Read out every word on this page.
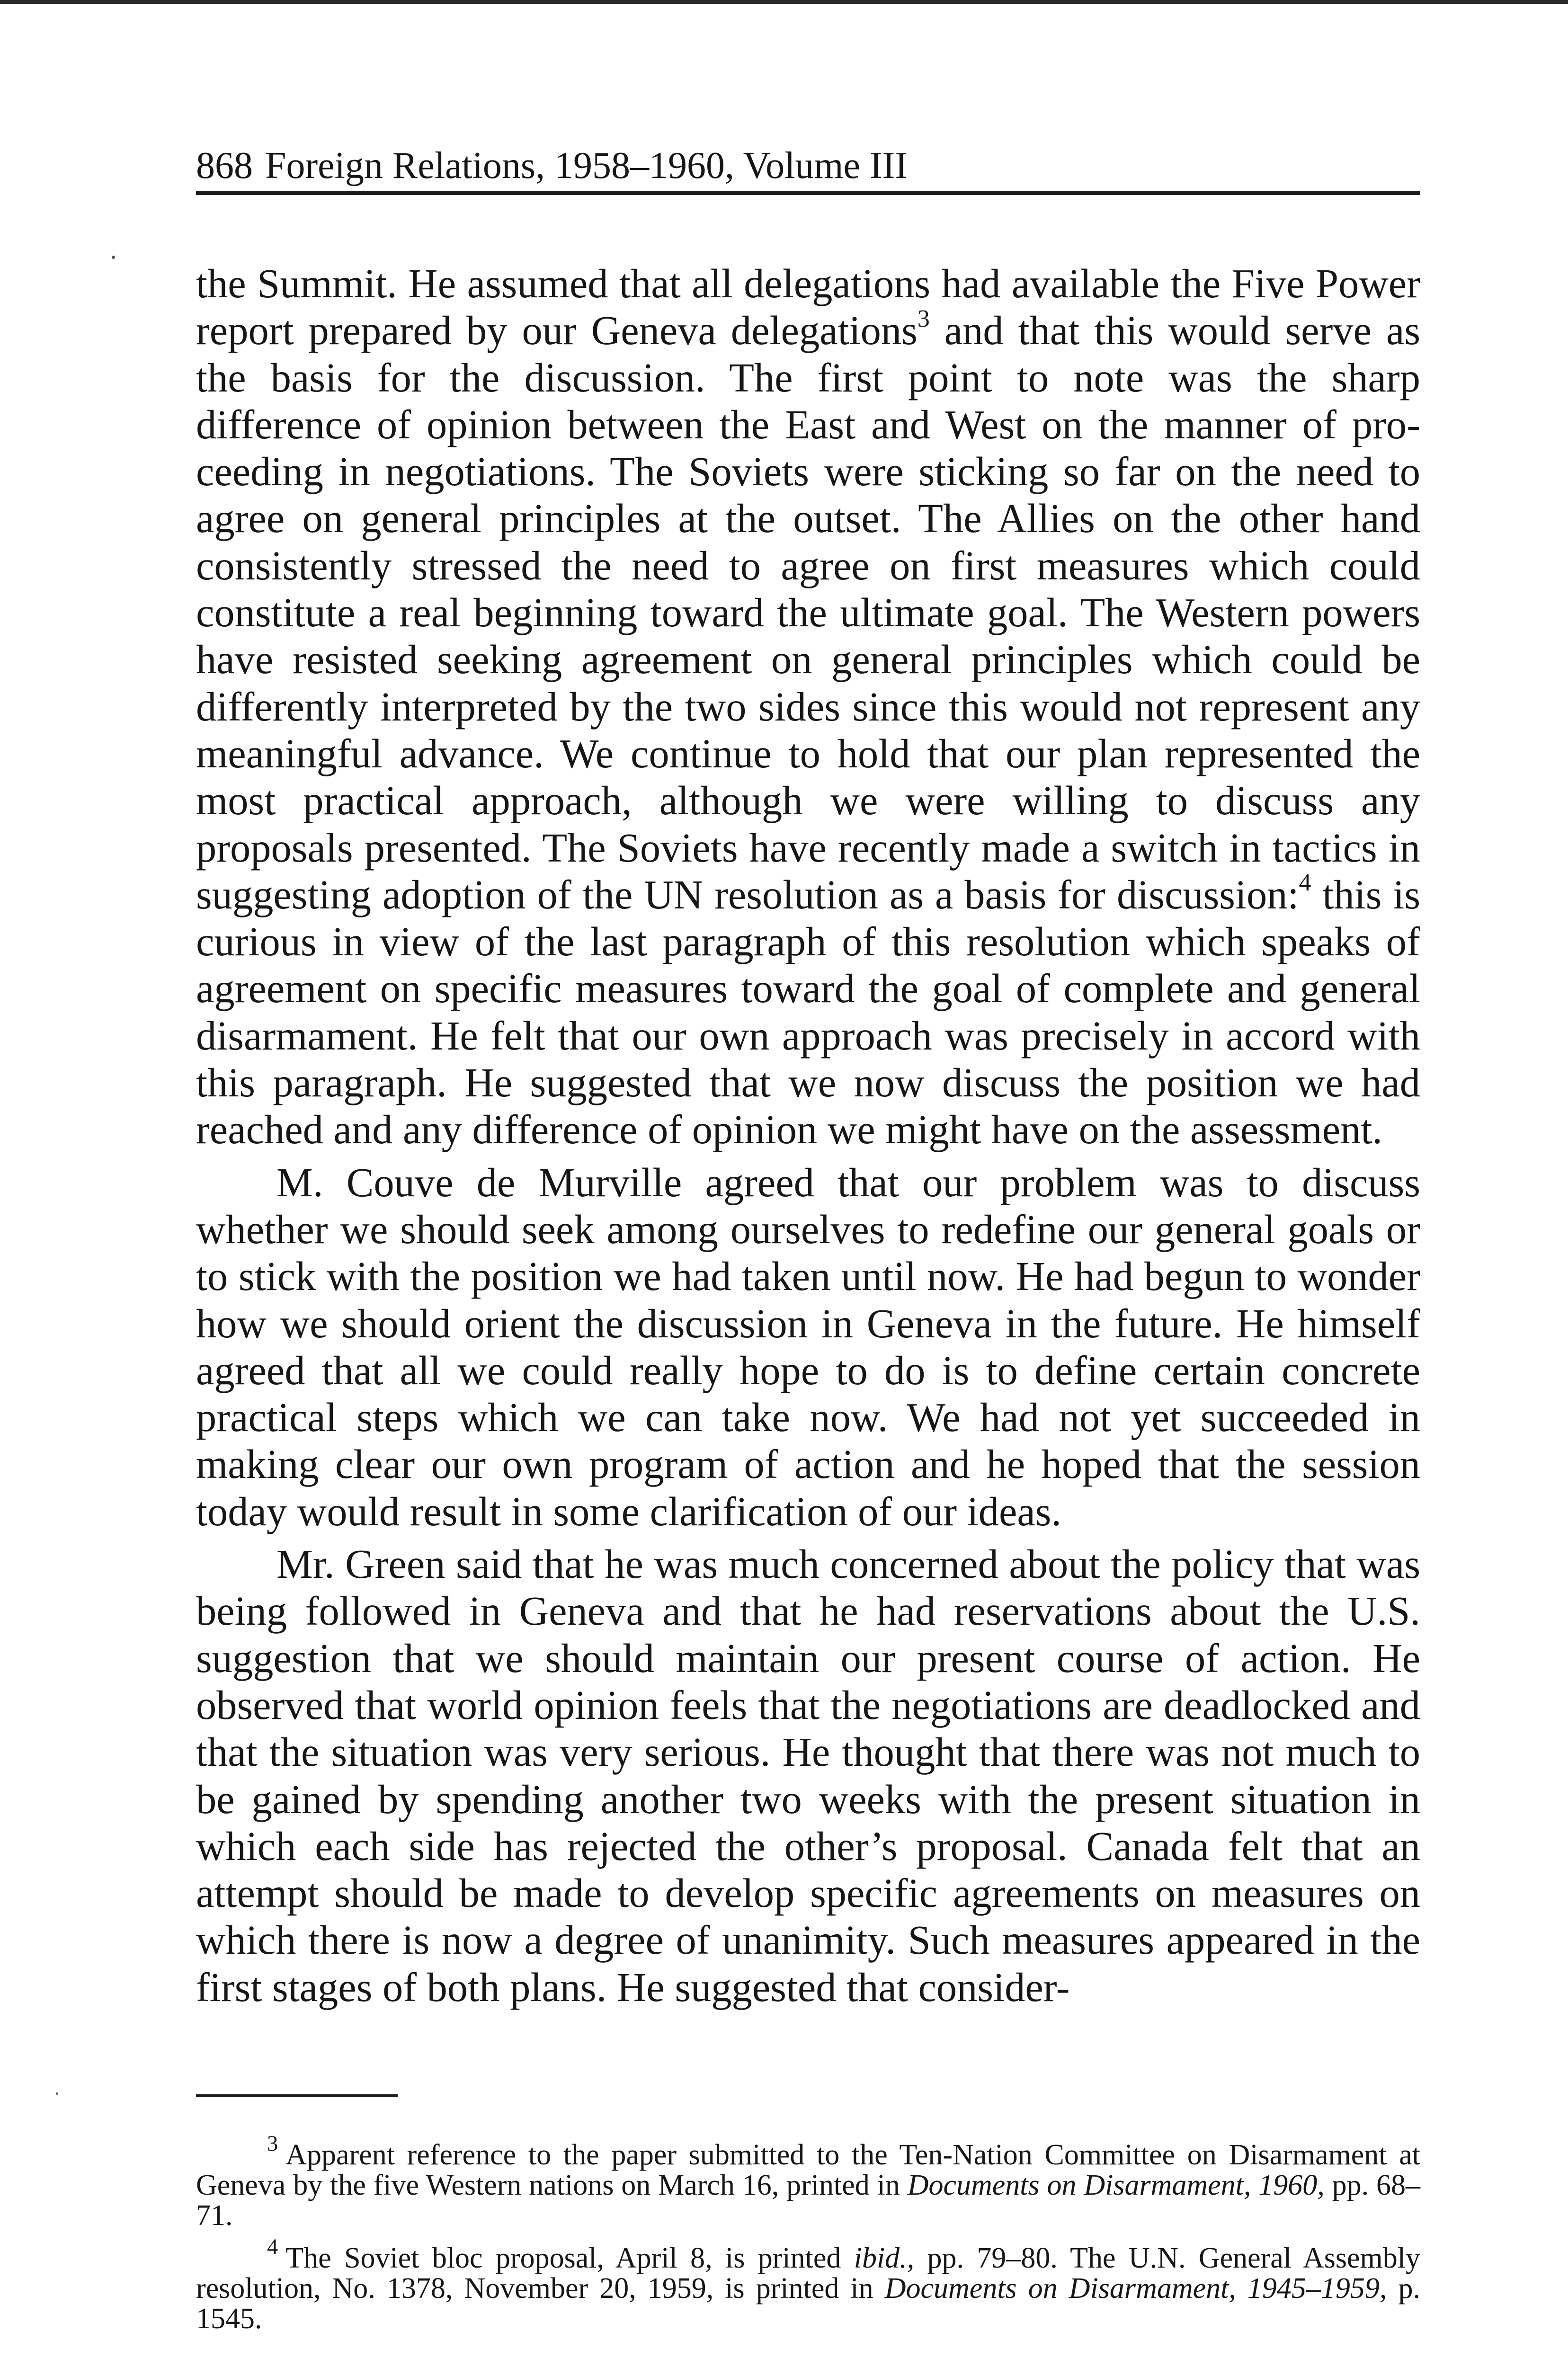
868 Foreign Relations, 1958–1960, Volume III

the Summit. He assumed that all delegations had available the Five Power report prepared by our Geneva delegations$^3$ and that this would serve as the basis for the discussion. The first point to note was the sharp difference of opinion between the East and West on the manner of proceeding in negotiations. The Soviets were sticking so far on the need to agree on general principles at the outset. The Allies on the other hand consistently stressed the need to agree on first measures which could constitute a real beginning toward the ultimate goal. The Western powers have resisted seeking agreement on general principles which could be differently interpreted by the two sides since this would not represent any meaningful advance. We continue to hold that our plan represented the most practical approach, although we were willing to discuss any proposals presented. The Soviets have recently made a switch in tactics in suggesting adoption of the UN resolution as a basis for discussion:$^4$ this is curious in view of the last paragraph of this resolution which speaks of agreement on specific measures toward the goal of complete and general disarmament. He felt that our own approach was precisely in accord with this paragraph. He suggested that we now discuss the position we had reached and any difference of opinion we might have on the assessment.

M. Couve de Murville agreed that our problem was to discuss whether we should seek among ourselves to redefine our general goals or to stick with the position we had taken until now. He had begun to wonder how we should orient the discussion in Geneva in the future. He himself agreed that all we could really hope to do is to define certain concrete practical steps which we can take now. We had not yet succeeded in making clear our own program of action and he hoped that the session today would result in some clarification of our ideas.

Mr. Green said that he was much concerned about the policy that was being followed in Geneva and that he had reservations about the U.S. suggestion that we should maintain our present course of action. He observed that world opinion feels that the negotiations are deadlocked and that the situation was very serious. He thought that there was not much to be gained by spending another two weeks with the present situation in which each side has rejected the other’s proposal. Canada felt that an attempt should be made to develop specific agreements on measures on which there is now a degree of unanimity. Such measures appeared in the first stages of both plans. He suggested that consider-

$^3$ Apparent reference to the paper submitted to the Ten-Nation Committee on Disarmament at Geneva by the five Western nations on March 16, printed in Documents on Disarmament, 1960, pp. 68–71.

$^4$ The Soviet bloc proposal, April 8, is printed ibid., pp. 79–80. The U.N. General Assembly resolution, No. 1378, November 20, 1959, is printed in Documents on Disarmament, 1945–1959, p. 1545.
